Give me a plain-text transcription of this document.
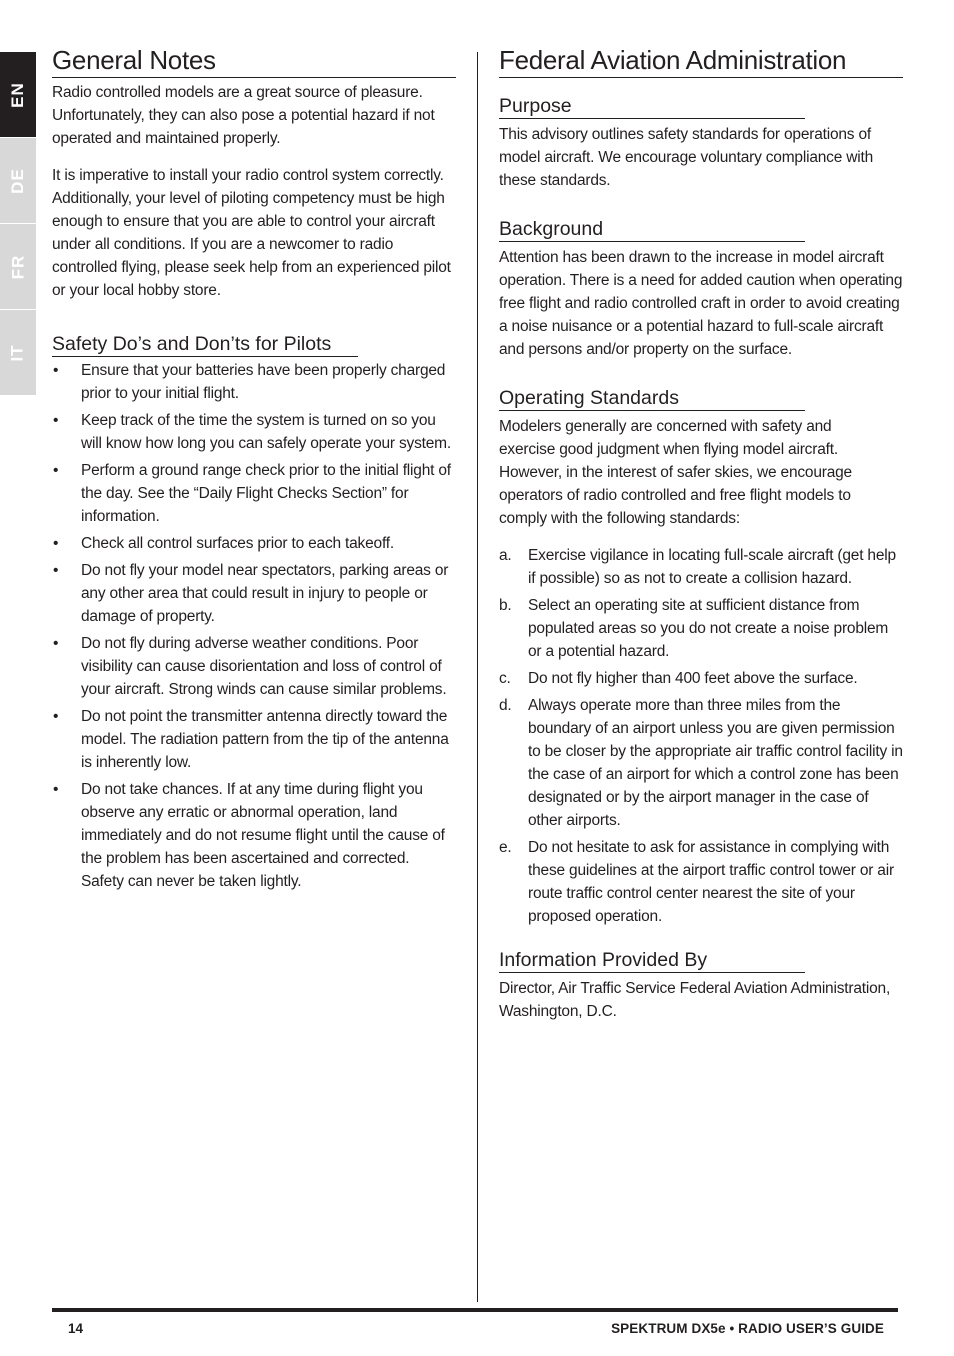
EN
DE
FR
IT
General Notes

Radio controlled models are a great source of pleasure. Unfortunately, they can also pose a potential hazard if not operated and maintained properly.

It is imperative to install your radio control system correctly. Additionally, your level of piloting competency must be high enough to ensure that you are able to control your aircraft under all conditions. If you are a newcomer to radio controlled flying, please seek help from an experienced pilot or your local hobby store.

Safety Do’s and Don’ts for Pilots
• Ensure that your batteries have been properly charged prior to your initial flight.
• Keep track of the time the system is turned on so you will know how long you can safely operate your system.
• Perform a ground range check prior to the initial flight of the day. See the “Daily Flight Checks Section” for information.
• Check all control surfaces prior to each takeoff.
• Do not fly your model near spectators, parking areas or any other area that could result in injury to people or damage of property.
• Do not fly during adverse weather conditions. Poor visibility can cause disorientation and loss of control of your aircraft. Strong winds can cause similar problems.
• Do not point the transmitter antenna directly toward the model. The radiation pattern from the tip of the antenna is inherently low.
• Do not take chances. If at any time during flight you observe any erratic or abnormal operation, land immediately and do not resume flight until the cause of the problem has been ascertained and corrected. Safety can never be taken lightly.
Federal Aviation Administration
Purpose

This advisory outlines safety standards for operations of model aircraft. We encourage voluntary compliance with these standards.

Background

Attention has been drawn to the increase in model aircraft operation. There is a need for added caution when operating free flight and radio controlled craft in order to avoid creating a noise nuisance or a potential hazard to full-scale aircraft and persons and/or property on the surface.

Operating Standards

Modelers generally are concerned with safety and exercise good judgment when flying model aircraft. However, in the interest of safer skies, we encourage operators of radio controlled and free flight models to comply with the following standards:

a. Exercise vigilance in locating full-scale aircraft (get help if possible) so as not to create a collision hazard.
b. Select an operating site at sufficient distance from populated areas so you do not create a noise problem or a potential hazard.
c. Do not fly higher than 400 feet above the surface.
d. Always operate more than three miles from the boundary of an airport unless you are given permission to be closer by the appropriate air traffic control facility in the case of an airport for which a control zone has been designated or by the airport manager in the case of other airports.
e. Do not hesitate to ask for assistance in complying with these guidelines at the airport traffic control tower or air route traffic control center nearest the site of your proposed operation.
Information Provided By

Director, Air Traffic Service Federal Aviation Administration, Washington, D.C.

14	SPEKTRUM DX5e • RADIO USER’S GUIDE
